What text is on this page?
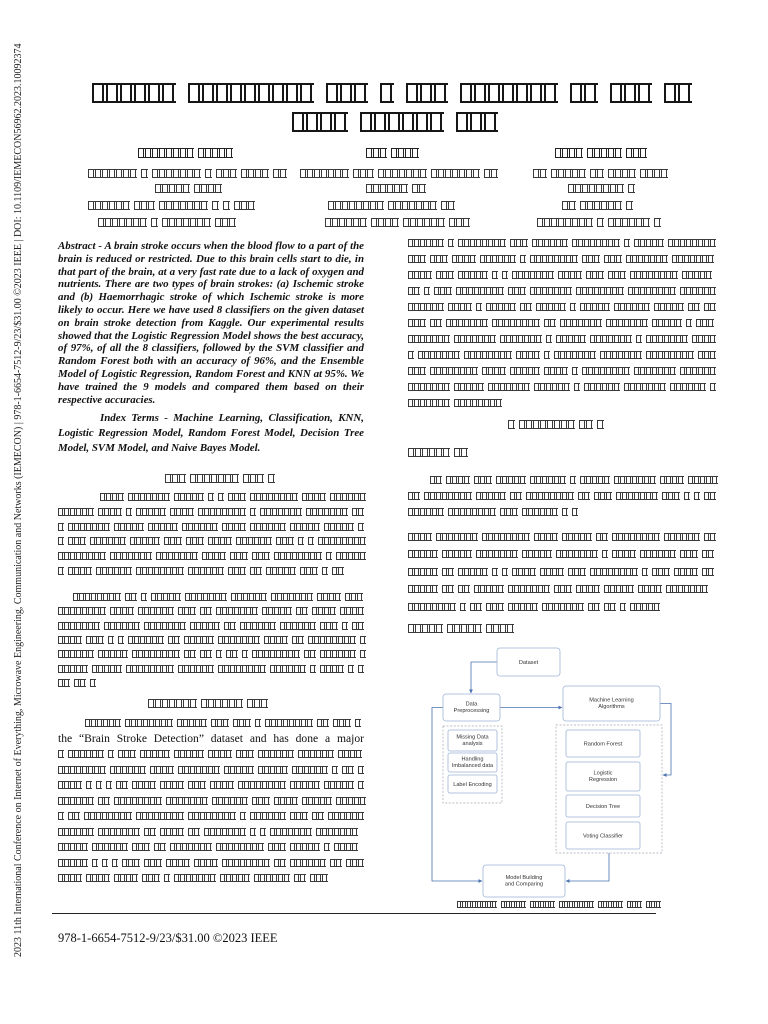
2023 11th International Conference on Internet of Everything, Microwave Engineering, Communication and Networks (IEMECON) | 978-1-6654-7512-9/23/$31.00 ©2023 IEEE | DOI: 10.1109/IEMECON56962.2023.10092374	Abstract - A brain stroke occurs when the blood flow to a part of the brain is reduced or restricted. Due to this brain cells start to die, in that part of the brain, at a very fast rate due to a lack of oxygen and nutrients. There are two types of brain strokes: (a) Ischemic stroke and (b) Haemorrhagic stroke of which Ischemic stroke is more likely to occur. Here we have used 8 classifiers on the given dataset on brain stroke detection from Kaggle. Our experimental results showed that the Logistic Regression Model shows the best accuracy, of 97%, of all the 8 classifiers, followed by the SVM classifier and Random Forest both with an accuracy of 96%, and the Ensemble Model of Logistic Regression, Random Forest and KNN at 95%. We have trained the 9 models and compared them based on their respective accuracies.

Index Terms - Machine Learning, Classification, KNN, Logistic Regression Model, Random Forest Model, Decision Tree Model, SVM Model, and Naive Bayes Model.

the “Brain Stroke Detection” dataset and has done a major
Dataset
Data
Preprocessing
Machine Learning
Algorithms
Missing Data
analysis
Handling
Imbalanced data
Label Encoding
Random Forest
Logistic
Regression
Decision Tree
Voting Classifier
Model Building
and Comparing
978-1-6654-7512-9/23/$31.00 ©2023 IEEE
